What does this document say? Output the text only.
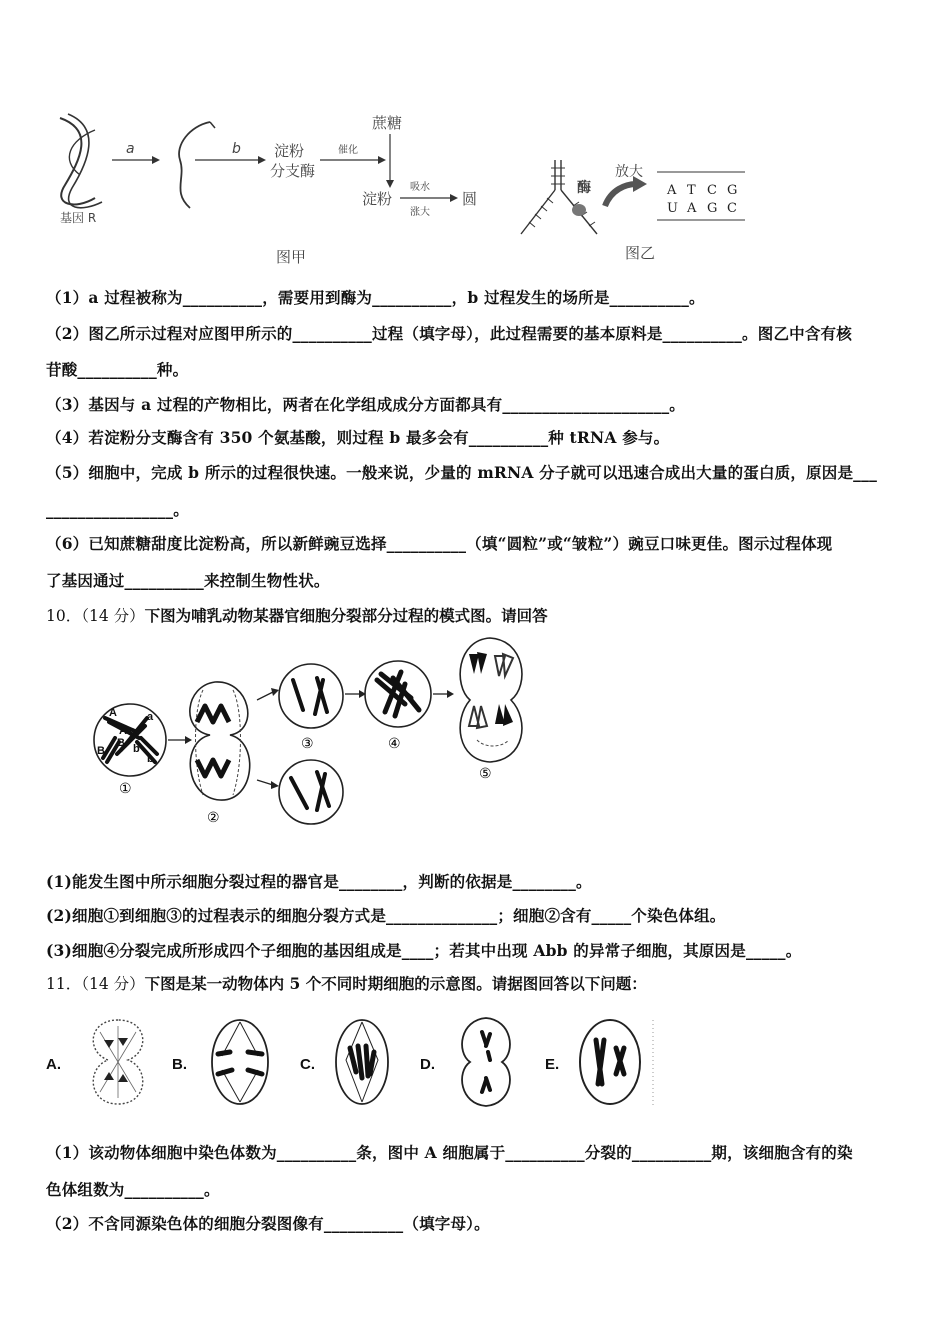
基因 R
a	b 淀粉
分支酶
催化
蔗糖
淀粉
吸水
涨大
圆
图甲
酶
放大
A T C G
U A G C
图乙
（1）a 过程被称为__________，需要用到酶为__________，b 过程发生的场所是__________。
（2）图乙所示过程对应图甲所示的__________过程（填字母），此过程需要的基本原料是__________。图乙中含有核
苷酸__________种。
（3）基因与 a 过程的产物相比，两者在化学组成成分方面都具有_____________________。
（4）若淀粉分支酶含有 350 个氨基酸，则过程 b 最多会有__________种 tRNA 参与。
（5）细胞中，完成 b 所示的过程很快速。一般来说，少量的 mRNA 分子就可以迅速合成出大量的蛋白质，原因是___
________________。
（6）已知蔗糖甜度比淀粉高，所以新鲜豌豆选择__________（填“圆粒”或“皱粒”）豌豆口味更佳。图示过程体现
了基因通过__________来控制生物性状。
10．（14 分）下图为哺乳动物某器官细胞分裂部分过程的模式图。请回答
A
A
a
a
B
B	b
b
①
②
③	④
⑤
(1)能发生图中所示细胞分裂过程的器官是________，判断的依据是________。
(2)细胞①到细胞③的过程表示的细胞分裂方式是______________；细胞②含有_____个染色体组。
(3)细胞④分裂完成所形成四个子细胞的基因组成是____；若其中出现 Abb 的异常子细胞，其原因是_____。
11．（14 分）下图是某一动物体内 5 个不同时期细胞的示意图。请据图回答以下问题：
A.	B.	C.	D.	E.
（1）该动物体细胞中染色体数为__________条，图中 A 细胞属于__________分裂的__________期，该细胞含有的染
色体组数为__________。
（2）不含同源染色体的细胞分裂图像有__________（填字母）。
